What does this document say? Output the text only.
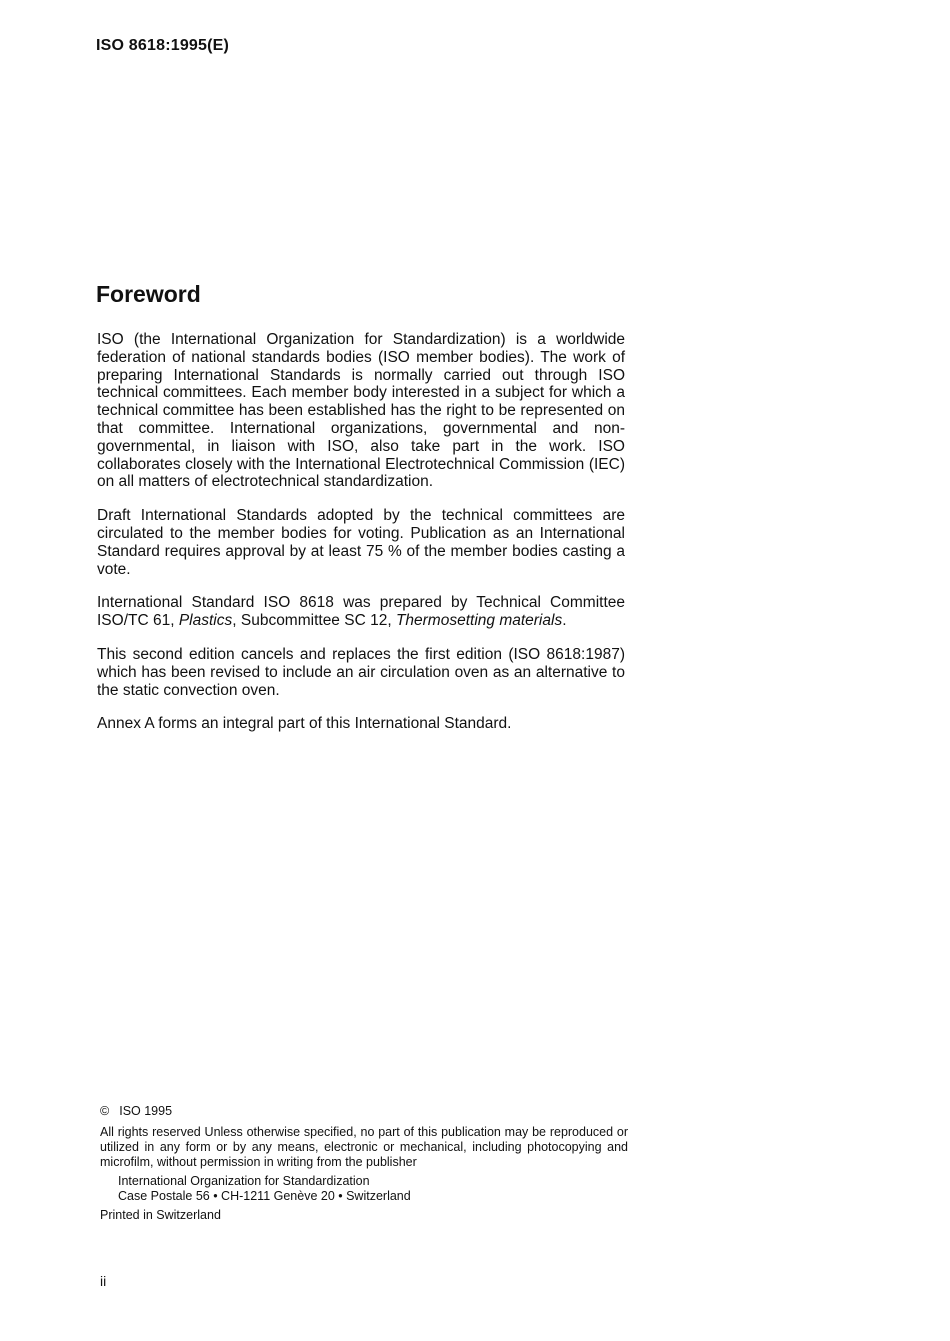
ISO 8618:1995(E)

Foreword

ISO (the International Organization for Standardization) is a worldwide federation of national standards bodies (ISO member bodies). The work of preparing International Standards is normally carried out through ISO technical committees. Each member body interested in a subject for which a technical committee has been established has the right to be represented on that committee. International organizations, governmental and non-governmental, in liaison with ISO, also take part in the work. ISO collaborates closely with the International Electrotechnical Commission (IEC) on all matters of electrotechnical standardization.

Draft International Standards adopted by the technical committees are circulated to the member bodies for voting. Publication as an International Standard requires approval by at least 75 % of the member bodies casting a vote.

International Standard ISO 8618 was prepared by Technical Committee ISO/TC 61, Plastics, Subcommittee SC 12, Thermosetting materials.

This second edition cancels and replaces the first edition (ISO 8618:1987) which has been revised to include an air circulation oven as an alternative to the static convection oven.

Annex A forms an integral part of this International Standard.

© ISO 1995

All rights reserved Unless otherwise specified, no part of this publication may be reproduced or utilized in any form or by any means, electronic or mechanical, including photocopying and microfilm, without permission in writing from the publisher

International Organization for Standardization
Case Postale 56 • CH-1211 Genève 20 • Switzerland
Printed in Switzerland
ii
